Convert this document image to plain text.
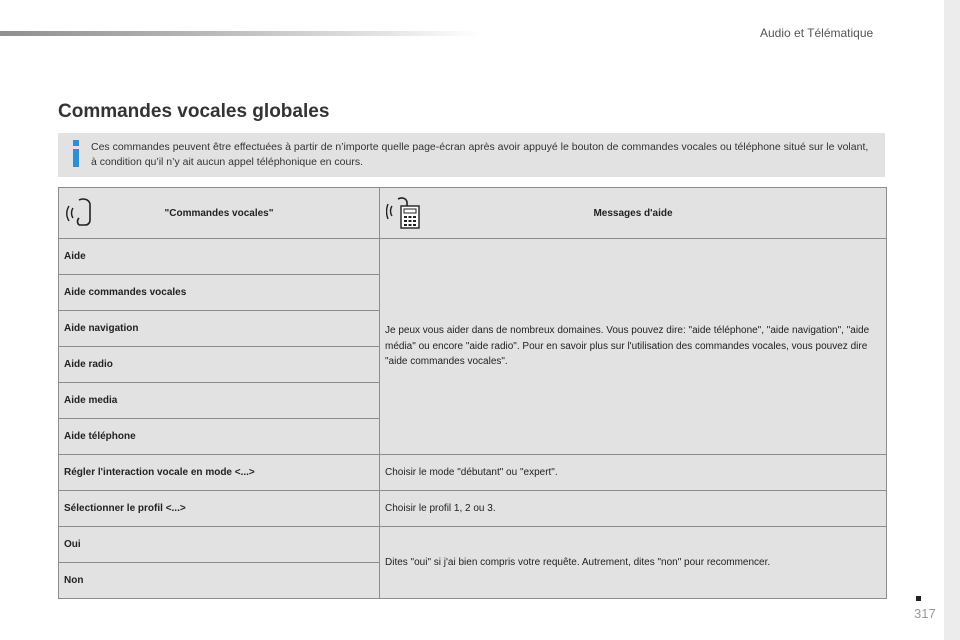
Audio et Télématique
Commandes vocales globales
Ces commandes peuvent être effectuées à partir de n’importe quelle page-écran après avoir appuyé le bouton de commandes vocales ou téléphone situé sur le volant, à condition qu’il n’y ait aucun appel téléphonique en cours.
"Commandes vocales"	Messages d'aide

Aide	Je peux vous aider dans de nombreux domaines. Vous pouvez dire: "aide téléphone", "aide navigation", "aide média" ou encore "aide radio". Pour en savoir plus sur l'utilisation des commandes vocales, vous pouvez dire "aide commandes vocales".
Aide commandes vocales	
Aide navigation	
Aide radio	
Aide media	
Aide téléphone	
Régler l'interaction vocale en mode <...>	Choisir le mode "débutant" ou "expert".
Sélectionner le profil <...>	Choisir le profil 1, 2 ou 3.
Oui	Dites "oui" si j'ai bien compris votre requête. Autrement, dites "non" pour recommencer.
Non	
317
